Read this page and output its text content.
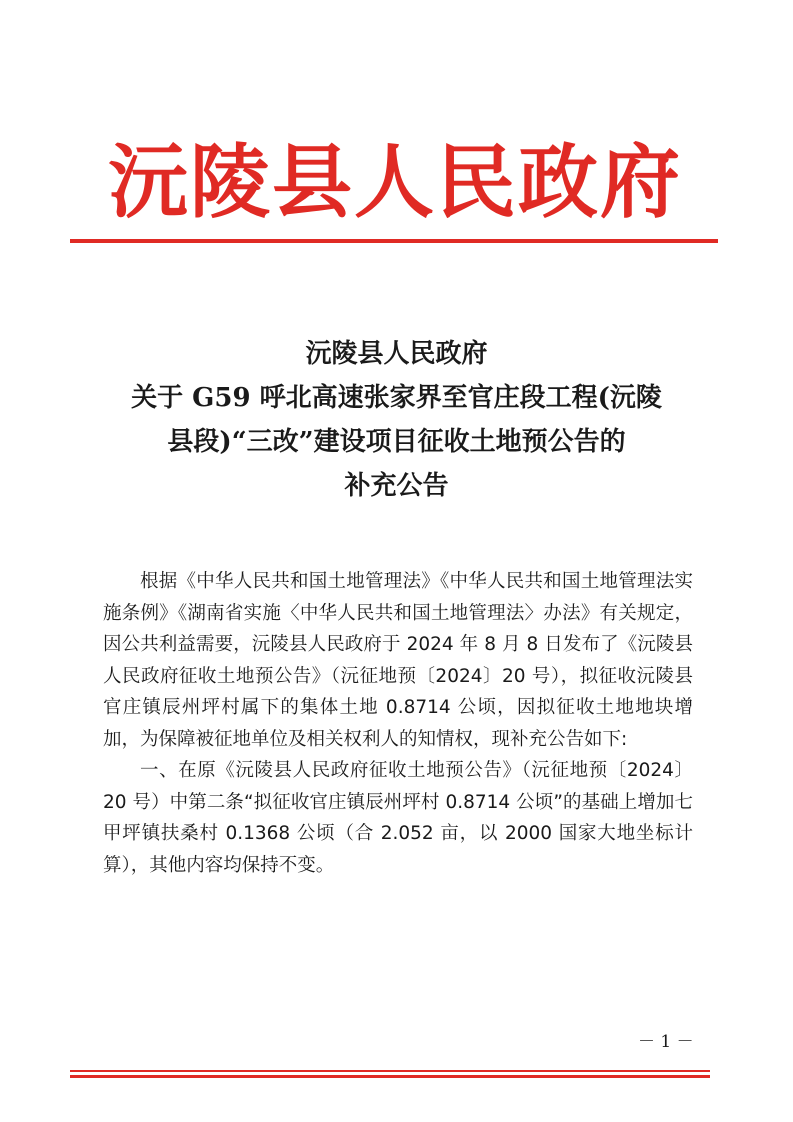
沅陵县人民政府
沅陵县人民政府
关于 G59 呼北高速张家界至官庄段工程(沅陵
县段)“三改”建设项目征收土地预公告的
补充公告

根据《中华人民共和国土地管理法》《中华人民共和国土地管理法实施条例》《湖南省实施〈中华人民共和国土地管理法〉办法》有关规定，因公共利益需要，沅陵县人民政府于 2024 年 8 月 8 日发布了《沅陵县人民政府征收土地预公告》（沅征地预〔2024〕20 号），拟征收沅陵县官庄镇辰州坪村属下的集体土地 0.8714 公顷，因拟征收土地地块增加，为保障被征地单位及相关权利人的知情权，现补充公告如下:

一、在原《沅陵县人民政府征收土地预公告》（沅征地预〔2024〕20 号）中第二条“拟征收官庄镇辰州坪村 0.8714 公顷”的基础上增加七甲坪镇扶桑村 0.1368 公顷（合 2.052 亩，以 2000 国家大地坐标计算），其他内容均保持不变。

－ 1 －
